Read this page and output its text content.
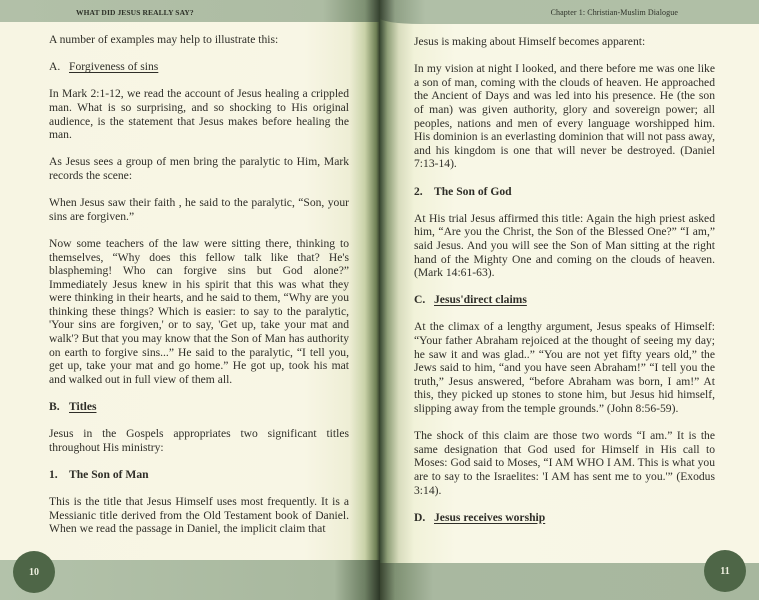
WHAT DID JESUS REALLY SAY?

A number of examples may help to illustrate this:

A. Forgiveness of sins

In Mark 2:1-12, we read the account of Jesus healing a crippled man. What is so surprising, and so shocking to His original audience, is the statement that Jesus makes before healing the man.

As Jesus sees a group of men bring the paralytic to Him, Mark records the scene:

When Jesus saw their faith , he said to the paralytic, “Son, your sins are forgiven.”

Now some teachers of the law were sitting there, thinking to themselves, “Why does this fellow talk like that? He's blaspheming! Who can forgive sins but God alone?” Immediately Jesus knew in his spirit that this was what they were thinking in their hearts, and he said to them, “Why are you thinking these things? Which is easier: to say to the paralytic, 'Your sins are forgiven,' or to say, 'Get up, take your mat and walk'? But that you may know that the Son of Man has authority on earth to forgive sins...” He said to the paralytic, “I tell you, get up, take your mat and go home.” He got up, took his mat and walked out in full view of them all.

B. Titles

Jesus in the Gospels appropriates two significant titles throughout His ministry:

1. The Son of Man

This is the title that Jesus Himself uses most frequently. It is a Messianic title derived from the Old Testament book of Daniel. When we read the passage in Daniel, the implicit claim that

10
Chapter 1: Christian-Muslim Dialogue

Jesus is making about Himself becomes apparent:

In my vision at night I looked, and there before me was one like a son of man, coming with the clouds of heaven. He approached the Ancient of Days and was led into his presence. He (the son of man) was given authority, glory and sovereign power; all peoples, nations and men of every language worshipped him. His dominion is an everlasting dominion that will not pass away, and his kingdom is one that will never be destroyed. (Daniel 7:13-14).

2. The Son of God

At His trial Jesus affirmed this title: Again the high priest asked him, “Are you the Christ, the Son of the Blessed One?” “I am,” said Jesus. And you will see the Son of Man sitting at the right hand of the Mighty One and coming on the clouds of heaven. (Mark 14:61-63).

C. Jesus'direct claims

At the climax of a lengthy argument, Jesus speaks of Himself: “Your father Abraham rejoiced at the thought of seeing my day; he saw it and was glad..” “You are not yet fifty years old,” the Jews said to him, “and you have seen Abraham!” “I tell you the truth,” Jesus answered, “before Abraham was born, I am!” At this, they picked up stones to stone him, but Jesus hid himself, slipping away from the temple grounds.” (John 8:56-59).

The shock of this claim are those two words “I am.” It is the same designation that God used for Himself in His call to Moses: God said to Moses, “I AM WHO I AM. This is what you are to say to the Israelites: 'I AM has sent me to you.'” (Exodus 3:14).

D. Jesus receives worship
11
